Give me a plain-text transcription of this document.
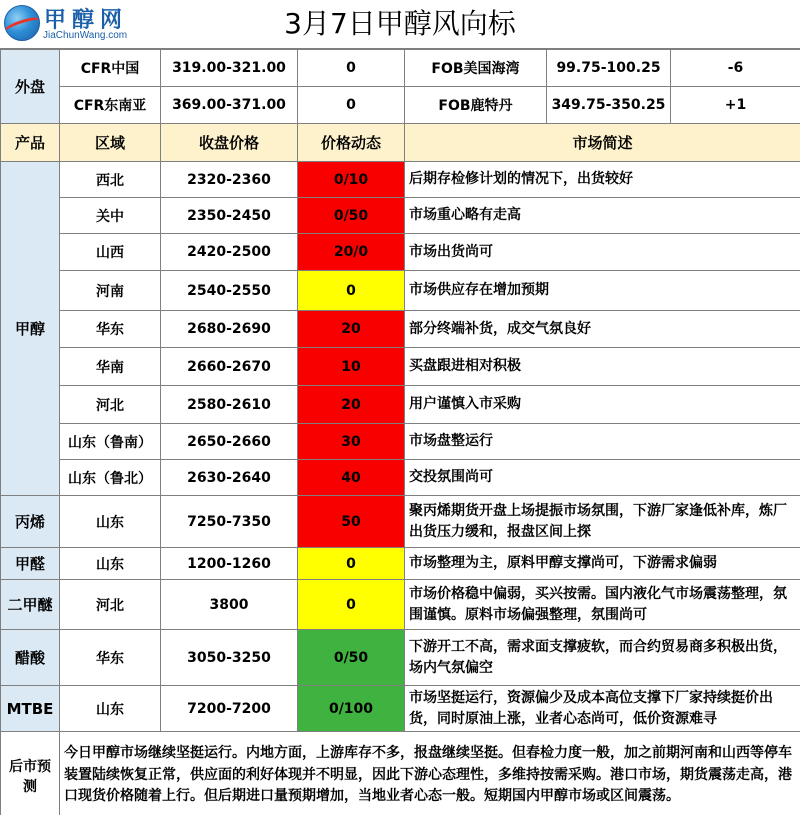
甲醇网
JiaChunWang.com	3月7日甲醇风向标
外盘	CFR中国	319.00-321.00	0	FOB美国海湾	99.75-100.25	-6
	CFR东南亚	369.00-371.00	0	FOB鹿特丹	349.75-350.25	+1
产品	区域	收盘价格	价格动态	市场简述		
甲醇	西北	2320-2360	0/10	后期存检修计划的情况下，出货较好		
	关中	2350-2450	0/50	市场重心略有走高		
	山西	2420-2500	20/0	市场出货尚可		
	河南	2540-2550	0	市场供应存在增加预期		
	华东	2680-2690	20	部分终端补货，成交气氛良好		
	华南	2660-2670	10	买盘跟进相对积极		
	河北	2580-2610	20	用户谨慎入市采购		
	山东（鲁南）	2650-2660	30	市场盘整运行		
	山东（鲁北）	2630-2640	40	交投氛围尚可		
丙烯	山东	7250-7350	50	聚丙烯期货开盘上场提振市场氛围，下游厂家逢低补库，炼厂出货压力缓和，报盘区间上探		
甲醛	山东	1200-1260	0	市场整理为主，原料甲醇支撑尚可，下游需求偏弱		
二甲醚	河北	3800	0	市场价格稳中偏弱，买兴按需。国内液化气市场震荡整理，氛围谨慎。原料市场偏强整理，氛围尚可		
醋酸	华东	3050-3250	0/50	下游开工不高，需求面支撑疲软，而合约贸易商多积极出货，场内气氛偏空		
MTBE	山东	7200-7200	0/100	市场坚挺运行，资源偏少及成本高位支撑下厂家持续挺价出货，同时原油上涨，业者心态尚可，低价资源难寻		
后市预测	今日甲醇市场继续坚挺运行。内地方面，上游库存不多，报盘继续坚挺。但春检力度一般，加之前期河南和山西等停车装置陆续恢复正常，供应面的利好体现并不明显，因此下游心态理性，多维持按需采购。港口市场，期货震荡走高，港口现货价格随着上行。但后期进口量预期增加，当地业者心态一般。短期国内甲醇市场或区间震荡。					
